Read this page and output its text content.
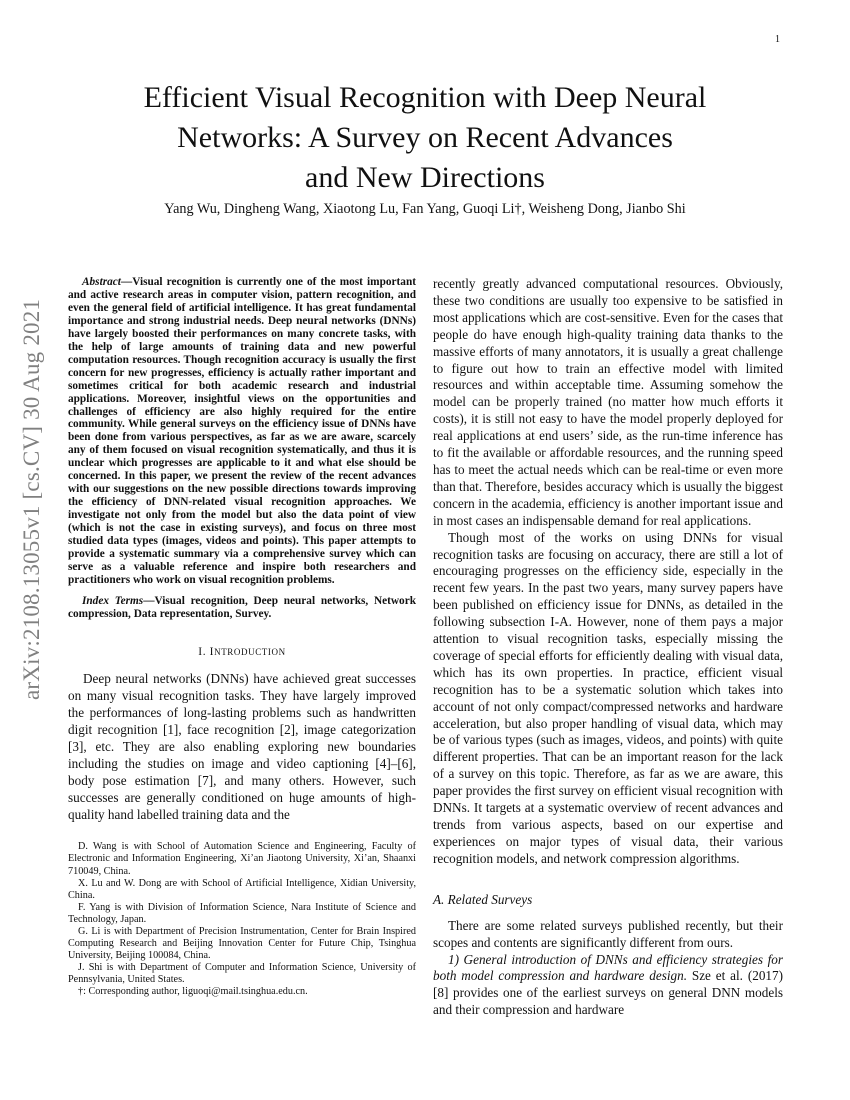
1
arXiv:2108.13055v1 [cs.CV] 30 Aug 2021
Efficient Visual Recognition with Deep Neural
Networks: A Survey on Recent Advances
and New Directions
Yang Wu, Dingheng Wang, Xiaotong Lu, Fan Yang, Guoqi Li†, Weisheng Dong, Jianbo Shi

Abstract—Visual recognition is currently one of the most important and active research areas in computer vision, pattern recognition, and even the general field of artificial intelligence. It has great fundamental importance and strong industrial needs. Deep neural networks (DNNs) have largely boosted their performances on many concrete tasks, with the help of large amounts of training data and new powerful computation resources. Though recognition accuracy is usually the first concern for new progresses, efficiency is actually rather important and sometimes critical for both academic research and industrial applications. Moreover, insightful views on the opportunities and challenges of efficiency are also highly required for the entire community. While general surveys on the efficiency issue of DNNs have been done from various perspectives, as far as we are aware, scarcely any of them focused on visual recognition systematically, and thus it is unclear which progresses are applicable to it and what else should be concerned. In this paper, we present the review of the recent advances with our suggestions on the new possible directions towards improving the efficiency of DNN-related visual recognition approaches. We investigate not only from the model but also the data point of view (which is not the case in existing surveys), and focus on three most studied data types (images, videos and points). This paper attempts to provide a systematic summary via a comprehensive survey which can serve as a valuable reference and inspire both researchers and practitioners who work on visual recognition problems.

Index Terms—Visual recognition, Deep neural networks, Network compression, Data representation, Survey.
I. INTRODUCTION

Deep neural networks (DNNs) have achieved great successes on many visual recognition tasks. They have largely improved the performances of long-lasting problems such as handwritten digit recognition [1], face recognition [2], image categorization [3], etc. They are also enabling exploring new boundaries including the studies on image and video captioning [4]–[6], body pose estimation [7], and many others. However, such successes are generally conditioned on huge amounts of high-quality hand labelled training data and the

D. Wang is with School of Automation Science and Engineering, Faculty of Electronic and Information Engineering, Xi’an Jiaotong University, Xi’an, Shaanxi 710049, China.

X. Lu and W. Dong are with School of Artificial Intelligence, Xidian University, China.

F. Yang is with Division of Information Science, Nara Institute of Science and Technology, Japan.

G. Li is with Department of Precision Instrumentation, Center for Brain Inspired Computing Research and Beijing Innovation Center for Future Chip, Tsinghua University, Beijing 100084, China.

J. Shi is with Department of Computer and Information Science, University of Pennsylvania, United States.

†: Corresponding author, liguoqi@mail.tsinghua.edu.cn.

recently greatly advanced computational resources. Obviously, these two conditions are usually too expensive to be satisfied in most applications which are cost-sensitive. Even for the cases that people do have enough high-quality training data thanks to the massive efforts of many annotators, it is usually a great challenge to figure out how to train an effective model with limited resources and within acceptable time. Assuming somehow the model can be properly trained (no matter how much efforts it costs), it is still not easy to have the model properly deployed for real applications at end users’ side, as the run-time inference has to fit the available or affordable resources, and the running speed has to meet the actual needs which can be real-time or even more than that. Therefore, besides accuracy which is usually the biggest concern in the academia, efficiency is another important issue and in most cases an indispensable demand for real applications.

Though most of the works on using DNNs for visual recognition tasks are focusing on accuracy, there are still a lot of encouraging progresses on the efficiency side, especially in the recent few years. In the past two years, many survey papers have been published on efficiency issue for DNNs, as detailed in the following subsection I-A. However, none of them pays a major attention to visual recognition tasks, especially missing the coverage of special efforts for efficiently dealing with visual data, which has its own properties. In practice, efficient visual recognition has to be a systematic solution which takes into account of not only compact/compressed networks and hardware acceleration, but also proper handling of visual data, which may be of various types (such as images, videos, and points) with quite different properties. That can be an important reason for the lack of a survey on this topic. Therefore, as far as we are aware, this paper provides the first survey on efficient visual recognition with DNNs. It targets at a systematic overview of recent advances and trends from various aspects, based on our expertise and experiences on major types of visual data, their various recognition models, and network compression algorithms.

A. Related Surveys

There are some related surveys published recently, but their scopes and contents are significantly different from ours.

1) General introduction of DNNs and efficiency strategies for both model compression and hardware design. Sze et al. (2017) [8] provides one of the earliest surveys on general DNN models and their compression and hardware
